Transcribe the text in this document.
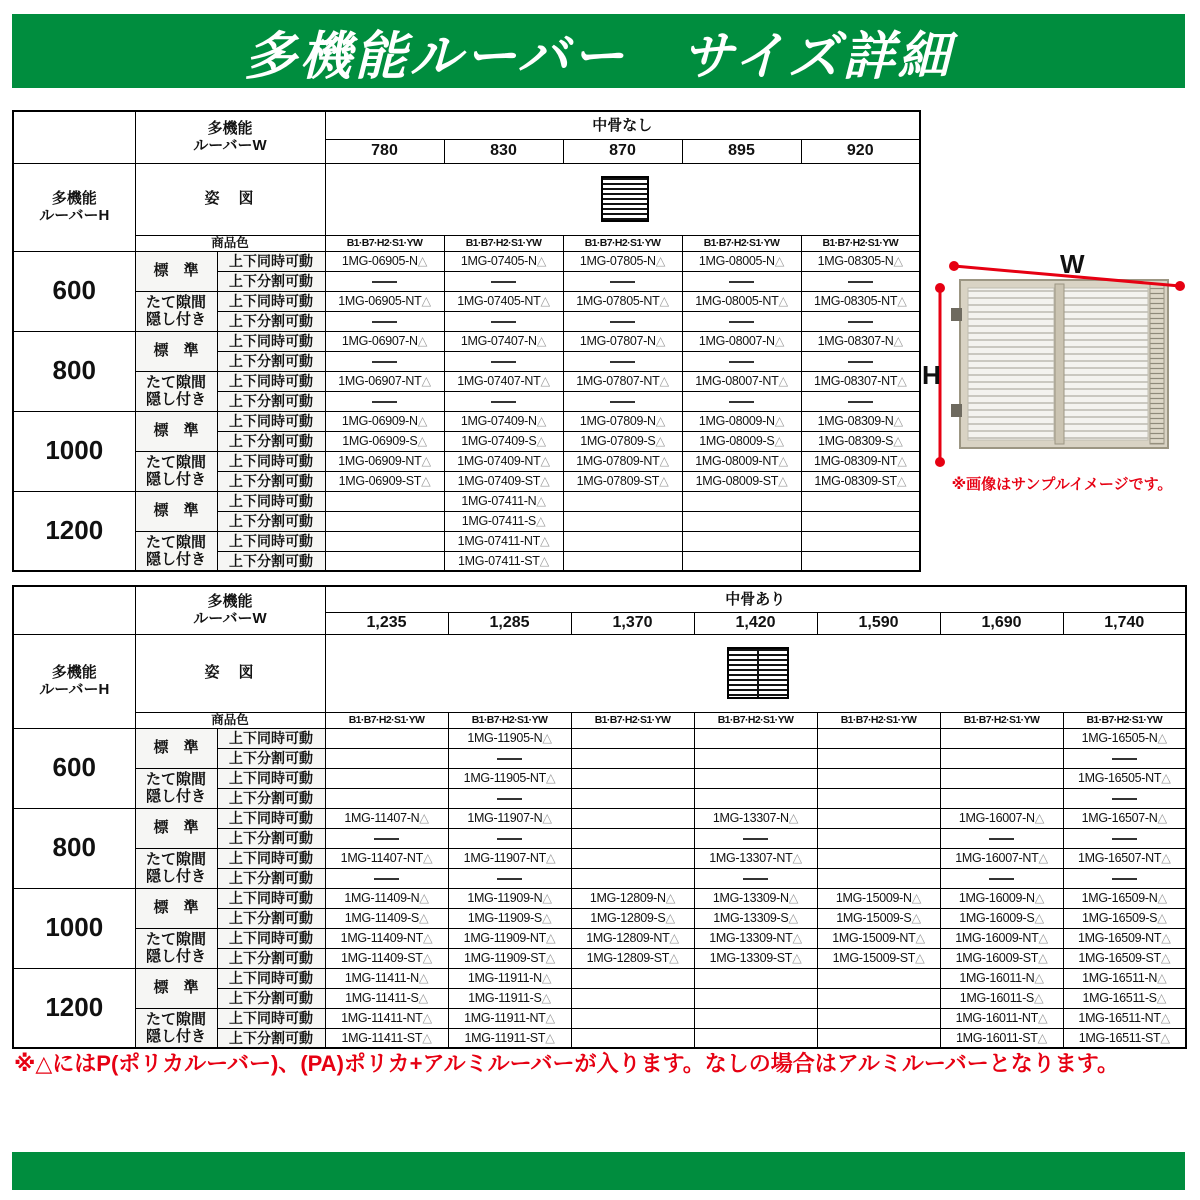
多機能ルーバー　サイズ詳細
	多機能
ルーバーW		中骨なし				
			780	830	870	895	920
多機能
ルーバーH	姿　図						

	商品色		B1·B7·H2·S1·YW	B1·B7·H2·S1·YW	B1·B7·H2·S1·YW	B1·B7·H2·S1·YW	B1·B7·H2·S1·YW
600	標　準	上下同時可動	1MG-06905-N△	1MG-07405-N△	1MG-07805-N△	1MG-08005-N△	1MG-08305-N△
		上下分割可動					
	たて隙間
隠し付き	上下同時可動	1MG-06905-NT△	1MG-07405-NT△	1MG-07805-NT△	1MG-08005-NT△	1MG-08305-NT△
		上下分割可動					
800	標　準	上下同時可動	1MG-06907-N△	1MG-07407-N△	1MG-07807-N△	1MG-08007-N△	1MG-08307-N△
		上下分割可動					
	たて隙間
隠し付き	上下同時可動	1MG-06907-NT△	1MG-07407-NT△	1MG-07807-NT△	1MG-08007-NT△	1MG-08307-NT△
		上下分割可動					
1000	標　準	上下同時可動	1MG-06909-N△	1MG-07409-N△	1MG-07809-N△	1MG-08009-N△	1MG-08309-N△
		上下分割可動	1MG-06909-S△	1MG-07409-S△	1MG-07809-S△	1MG-08009-S△	1MG-08309-S△
	たて隙間
隠し付き	上下同時可動	1MG-06909-NT△	1MG-07409-NT△	1MG-07809-NT△	1MG-08009-NT△	1MG-08309-NT△
		上下分割可動	1MG-06909-ST△	1MG-07409-ST△	1MG-07809-ST△	1MG-08009-ST△	1MG-08309-ST△
1200	標　準	上下同時可動		1MG-07411-N△			
		上下分割可動		1MG-07411-S△			
	たて隙間
隠し付き	上下同時可動		1MG-07411-NT△			
		上下分割可動		1MG-07411-ST△			
	多機能
ルーバーW		中骨あり						
			1,235	1,285	1,370	1,420	1,590	1,690	1,740
多機能
ルーバーH	姿　図								

	商品色		B1·B7·H2·S1·YW	B1·B7·H2·S1·YW	B1·B7·H2·S1·YW	B1·B7·H2·S1·YW	B1·B7·H2·S1·YW	B1·B7·H2·S1·YW	B1·B7·H2·S1·YW
600	標　準	上下同時可動		1MG-11905-N△					1MG-16505-N△
		上下分割可動							
	たて隙間
隠し付き	上下同時可動		1MG-11905-NT△					1MG-16505-NT△
		上下分割可動							
800	標　準	上下同時可動	1MG-11407-N△	1MG-11907-N△		1MG-13307-N△		1MG-16007-N△	1MG-16507-N△
		上下分割可動							
	たて隙間
隠し付き	上下同時可動	1MG-11407-NT△	1MG-11907-NT△		1MG-13307-NT△		1MG-16007-NT△	1MG-16507-NT△
		上下分割可動							
1000	標　準	上下同時可動	1MG-11409-N△	1MG-11909-N△	1MG-12809-N△	1MG-13309-N△	1MG-15009-N△	1MG-16009-N△	1MG-16509-N△
		上下分割可動	1MG-11409-S△	1MG-11909-S△	1MG-12809-S△	1MG-13309-S△	1MG-15009-S△	1MG-16009-S△	1MG-16509-S△
	たて隙間
隠し付き	上下同時可動	1MG-11409-NT△	1MG-11909-NT△	1MG-12809-NT△	1MG-13309-NT△	1MG-15009-NT△	1MG-16009-NT△	1MG-16509-NT△
		上下分割可動	1MG-11409-ST△	1MG-11909-ST△	1MG-12809-ST△	1MG-13309-ST△	1MG-15009-ST△	1MG-16009-ST△	1MG-16509-ST△
1200	標　準	上下同時可動	1MG-11411-N△	1MG-11911-N△				1MG-16011-N△	1MG-16511-N△
		上下分割可動	1MG-11411-S△	1MG-11911-S△				1MG-16011-S△	1MG-16511-S△
	たて隙間
隠し付き	上下同時可動	1MG-11411-NT△	1MG-11911-NT△				1MG-16011-NT△	1MG-16511-NT△
		上下分割可動	1MG-11411-ST△	1MG-11911-ST△				1MG-16011-ST△	1MG-16511-ST△
W
H
※画像はサンプルイメージです。
※△にはP(ポリカルーバー)、(PA)ポリカ+アルミルーバーが入ります。なしの場合はアルミルーバーとなります。
